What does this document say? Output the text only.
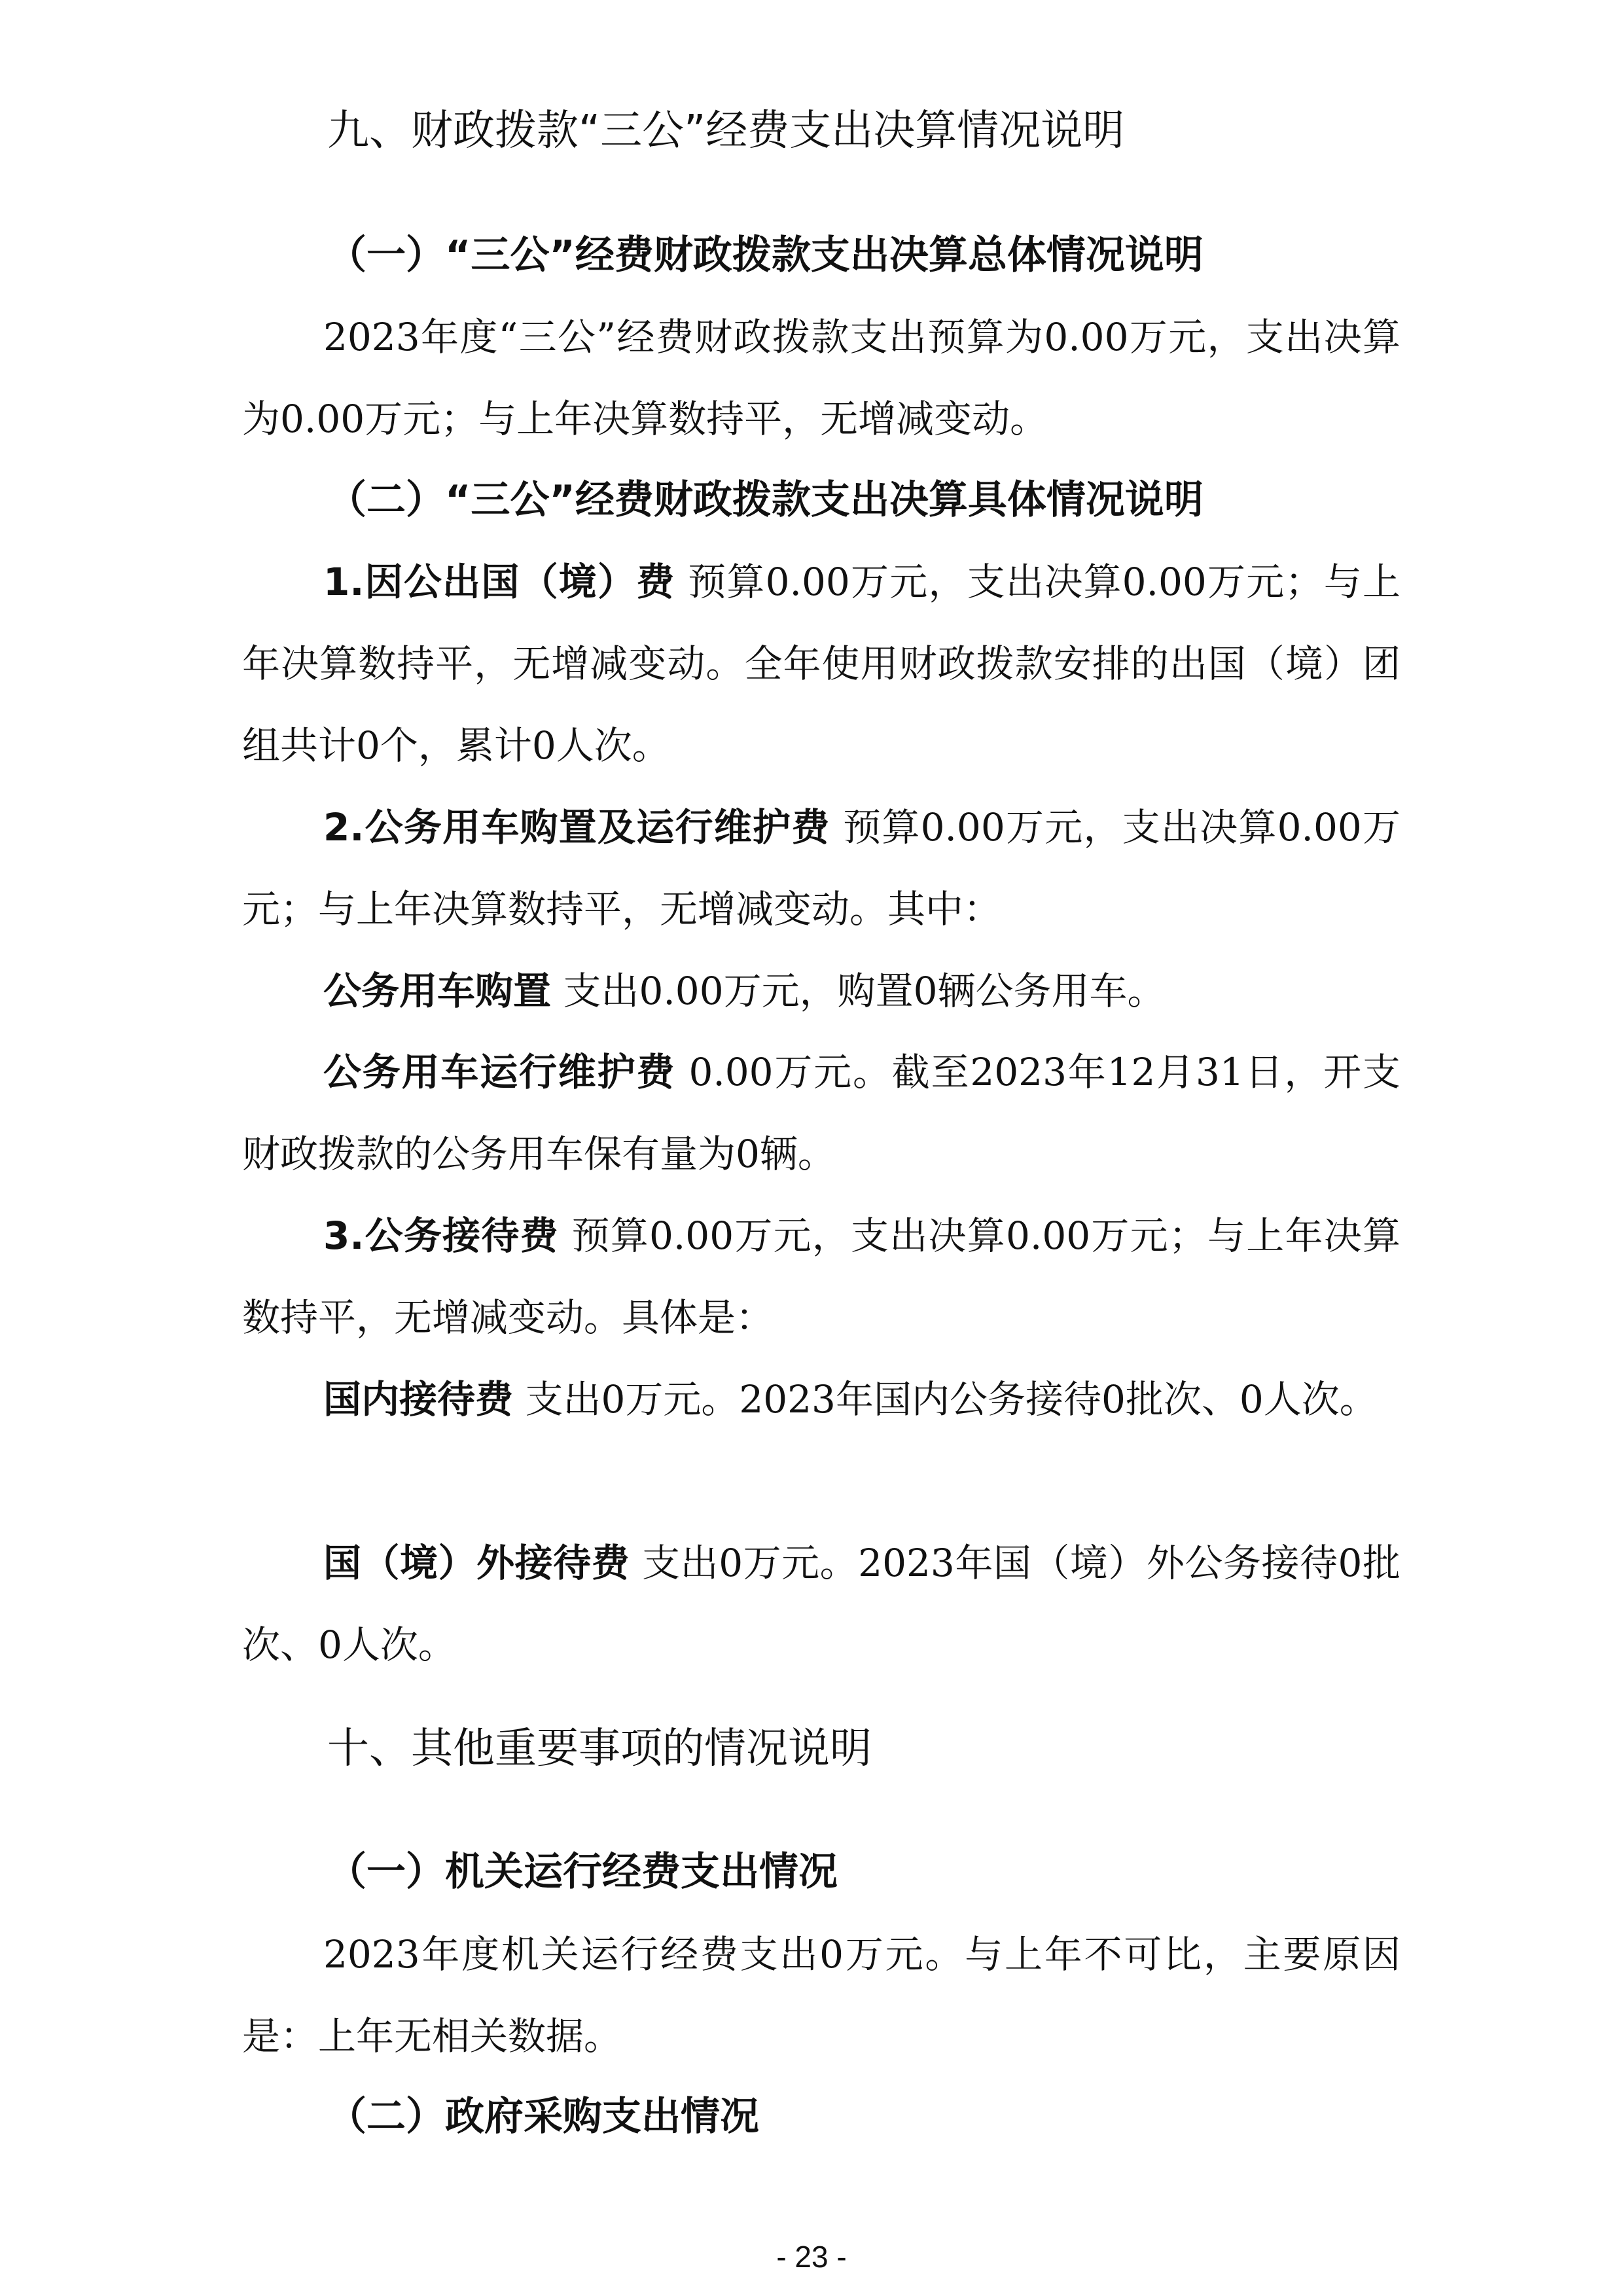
九、财政拨款“三公”经费支出决算情况说明
（一）“三公”经费财政拨款支出决算总体情况说明

2023年度“三公”经费财政拨款支出预算为0.00万元，支出决算为0.00万元；与上年决算数持平，无增减变动。

（二）“三公”经费财政拨款支出决算具体情况说明

1.因公出国（境）费 预算0.00万元，支出决算0.00万元；与上年决算数持平，无增减变动。全年使用财政拨款安排的出国（境）团组共计0个，累计0人次。

2.公务用车购置及运行维护费 预算0.00万元，支出决算0.00万元；与上年决算数持平，无增减变动。其中：

公务用车购置 支出0.00万元，购置0辆公务用车。

公务用车运行维护费 0.00万元。截至2023年12月31日，开支财政拨款的公务用车保有量为0辆。

3.公务接待费 预算0.00万元，支出决算0.00万元；与上年决算数持平，无增减变动。具体是：

国内接待费 支出0万元。2023年国内公务接待0批次、0人次。

国（境）外接待费 支出0万元。2023年国（境）外公务接待0批次、0人次。

十、其他重要事项的情况说明
（一）机关运行经费支出情况

2023年度机关运行经费支出0万元。与上年不可比，主要原因是：上年无相关数据。

（二）政府采购支出情况
- 23 -
